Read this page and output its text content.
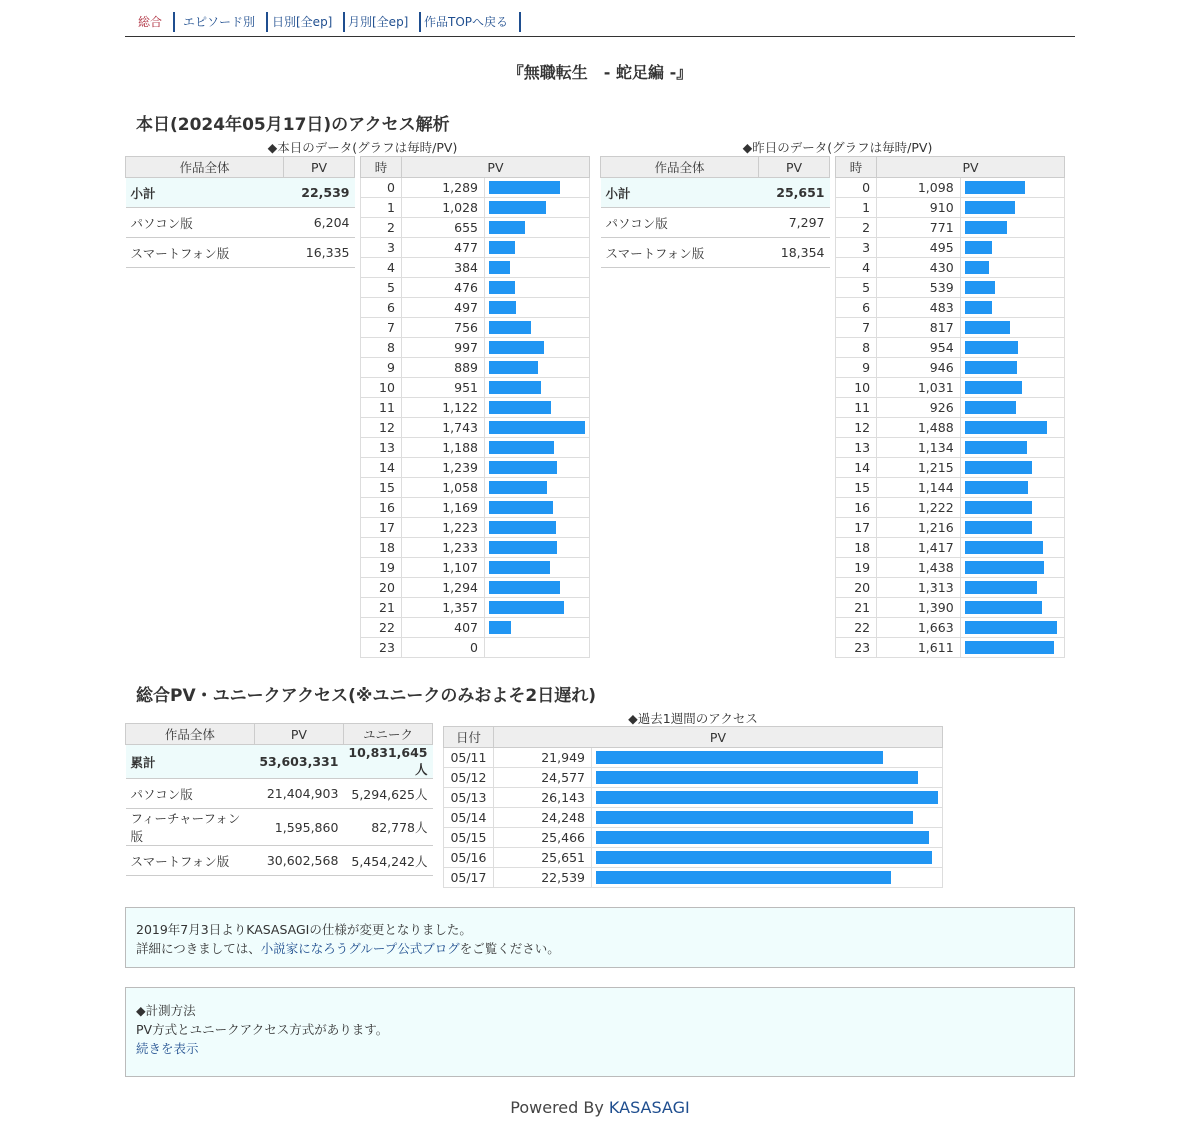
総合	エピソード別	日別[全ep]	月別[全ep]	作品TOPへ戻る
『無職転生　- 蛇足編 -』
本日(2024年05月17日)のアクセス解析
◆本日のデータ(グラフは毎時/PV)	◆昨日のデータ(グラフは毎時/PV)
作品全体	PV
小計	22,539
パソコン版	6,204
スマートフォン版	16,335
時	PV	
0	1,289	

1	1,028	

2	655	

3	477	

4	384	

5	476	

6	497	

7	756	

8	997	

9	889	

10	951	

11	1,122	

12	1,743	

13	1,188	

14	1,239	

15	1,058	

16	1,169	

17	1,223	

18	1,233	

19	1,107	

20	1,294	

21	1,357	

22	407	

23	0	
作品全体	PV
小計	25,651
パソコン版	7,297
スマートフォン版	18,354
時	PV	
0	1,098	

1	910	

2	771	

3	495	

4	430	

5	539	

6	483	

7	817	

8	954	

9	946	

10	1,031	

11	926	

12	1,488	

13	1,134	

14	1,215	

15	1,144	

16	1,222	

17	1,216	

18	1,417	

19	1,438	

20	1,313	

21	1,390	

22	1,663	

23	1,611	
総合PV・ユニークアクセス(※ユニークのみおよそ2日遅れ)
作品全体	PV	ユニーク
累計	53,603,331	10,831,645人
パソコン版	21,404,903	5,294,625人
フィーチャーフォン版	1,595,860	82,778人
スマートフォン版	30,602,568	5,454,242人
◆過去1週間のアクセス
日付	PV	
05/11	21,949	

05/12	24,577	

05/13	26,143	

05/14	24,248	

05/15	25,466	

05/16	25,651	

05/17	22,539	
2019年7月3日よりKASASAGIの仕様が変更となりました。
詳細につきましては、小説家になろうグループ公式ブログをご覧ください。
◆計測方法
PV方式とユニークアクセス方式があります。
続きを表示
Powered By KASASAGI
